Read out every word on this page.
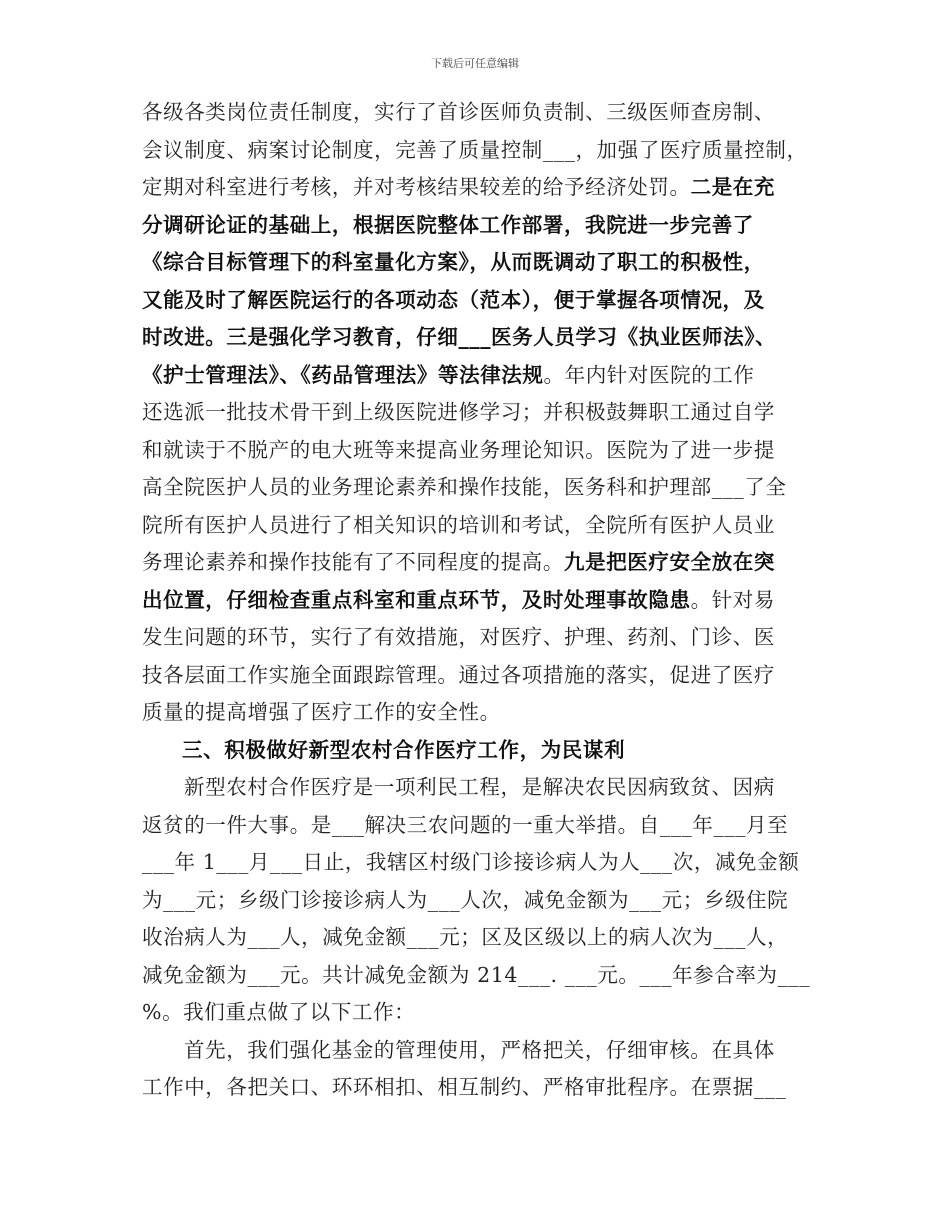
下载后可任意编辑
各级各类岗位责任制度，实行了首诊医师负责制、三级医师查房制、
会议制度、病案讨论制度，完善了质量控制___，加强了医疗质量控制，
定期对科室进行考核，并对考核结果较差的给予经济处罚。二是在充
分调研论证的基础上，根据医院整体工作部署，我院进一步完善了
《综合目标管理下的科室量化方案》，从而既调动了职工的积极性，
又能及时了解医院运行的各项动态（范本），便于掌握各项情况，及
时改进。三是强化学习教育，仔细___医务人员学习《执业医师法》、
《护士管理法》、《药品管理法》等法律法规。年内针对医院的工作
还选派一批技术骨干到上级医院进修学习；并积极鼓舞职工通过自学
和就读于不脱产的电大班等来提高业务理论知识。医院为了进一步提
高全院医护人员的业务理论素养和操作技能，医务科和护理部___了全
院所有医护人员进行了相关知识的培训和考试，全院所有医护人员业
务理论素养和操作技能有了不同程度的提高。九是把医疗安全放在突
出位置，仔细检查重点科室和重点环节，及时处理事故隐患。针对易
发生问题的环节，实行了有效措施，对医疗、护理、药剂、门诊、医
技各层面工作实施全面跟踪管理。通过各项措施的落实，促进了医疗
质量的提高增强了医疗工作的安全性。
三、积极做好新型农村合作医疗工作，为民谋利
新型农村合作医疗是一项利民工程，是解决农民因病致贫、因病
返贫的一件大事。是___解决三农问题的一重大举措。自___年___月至
___年 1___月___日止，我辖区村级门诊接诊病人为人___次，减免金额
为___元；乡级门诊接诊病人为___人次，减免金额为___元；乡级住院
收治病人为___人，减免金额___元；区及区级以上的病人次为___人，
减免金额为___元。共计减免金额为 214___. ___元。___年参合率为___
%。我们重点做了以下工作：
首先，我们强化基金的管理使用，严格把关，仔细审核。在具体
工作中，各把关口、环环相扣、相互制约、严格审批程序。在票据___
